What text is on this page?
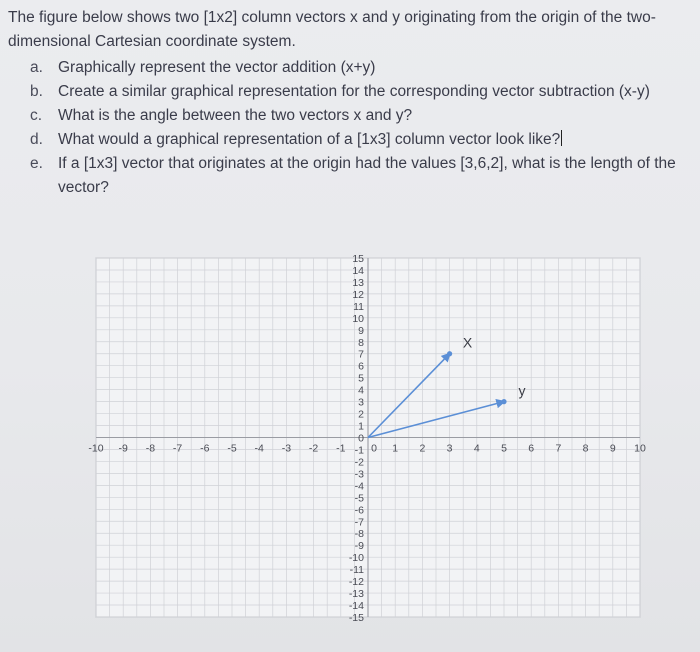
The figure below shows two [1x2] column vectors x and y originating from the origin of the two-dimensional Cartesian coordinate system.

a. Graphically represent the vector addition (x+y)
b. Create a similar graphical representation for the corresponding vector subtraction (x-y)
c.	What is the angle between the two vectors x and y?
d. What would a graphical representation of a [1x3] column vector look like?
e. If a [1x3] vector that originates at the origin had the values [3,6,2], what is the length of the vector?
-10 -9 -8 -7 -6 -5 -4 -3 -2 -1	1 2 3 4 5 6 7 8 9 10
15
14
13
12
11
10
9
8
7
6
5
4
3
2
1
0
-1
-2
-3
-4
-5
-6
-7
-8
-9
-10
-11
-12
-13
-14
-15
0
X
y
